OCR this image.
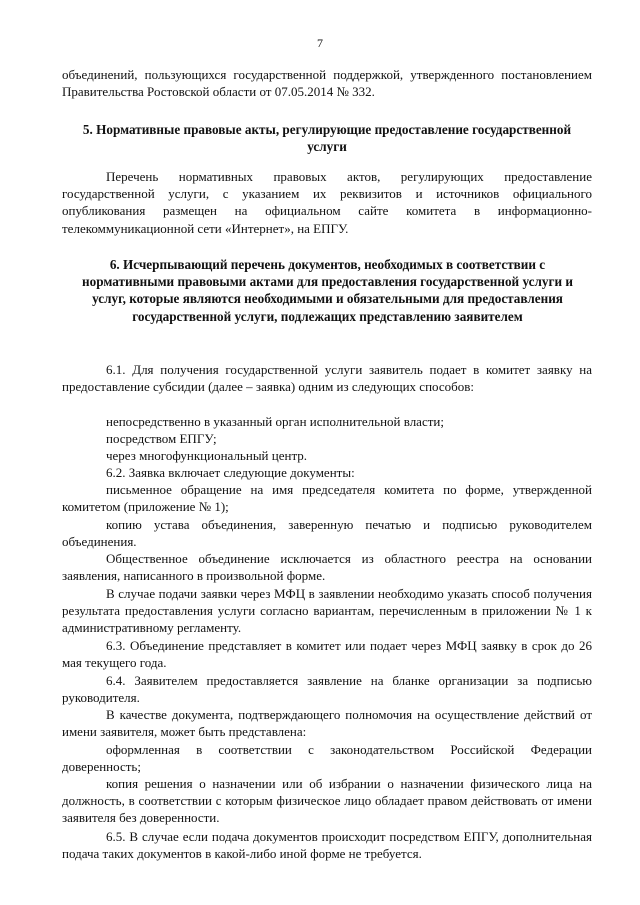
7

объединений, пользующихся государственной поддержкой, утвержденного постановлением Правительства Ростовской области от 07.05.2014 № 332.

5. Нормативные правовые акты, регулирующие предоставление государственной услуги

Перечень нормативных правовых актов, регулирующих предоставление государственной услуги, с указанием их реквизитов и источников официального опубликования размещен на официальном сайте комитета в информационно-телекоммуникационной сети «Интернет», на ЕПГУ.

6. Исчерпывающий перечень документов, необходимых в соответствии с нормативными правовыми актами для предоставления государственной услуги и услуг, которые являются необходимыми и обязательными для предоставления государственной услуги, подлежащих представлению заявителем

6.1. Для получения государственной услуги заявитель подает в комитет заявку на предоставление субсидии (далее – заявка) одним из следующих способов:

непосредственно в указанный орган исполнительной власти;

посредством ЕПГУ;

через многофункциональный центр.

6.2. Заявка включает следующие документы:

письменное обращение на имя председателя комитета по форме, утвержденной комитетом (приложение № 1);

копию устава объединения, заверенную печатью и подписью руководителем объединения.

Общественное объединение исключается из областного реестра на основании заявления, написанного в произвольной форме.

В случае подачи заявки через МФЦ в заявлении необходимо указать способ получения результата предоставления услуги согласно вариантам, перечисленным в приложении № 1 к административному регламенту.

6.3. Объединение представляет в комитет или подает через МФЦ заявку в срок до 26 мая текущего года.

6.4. Заявителем предоставляется заявление на бланке организации за подписью руководителя.

В качестве документа, подтверждающего полномочия на осуществление действий от имени заявителя, может быть представлена:

оформленная в соответствии с законодательством Российской Федерации доверенность;

копия решения о назначении или об избрании о назначении физического лица на должность, в соответствии с которым физическое лицо обладает правом действовать от имени заявителя без доверенности.

6.5. В случае если подача документов происходит посредством ЕПГУ, дополнительная подача таких документов в какой-либо иной форме не требуется.
